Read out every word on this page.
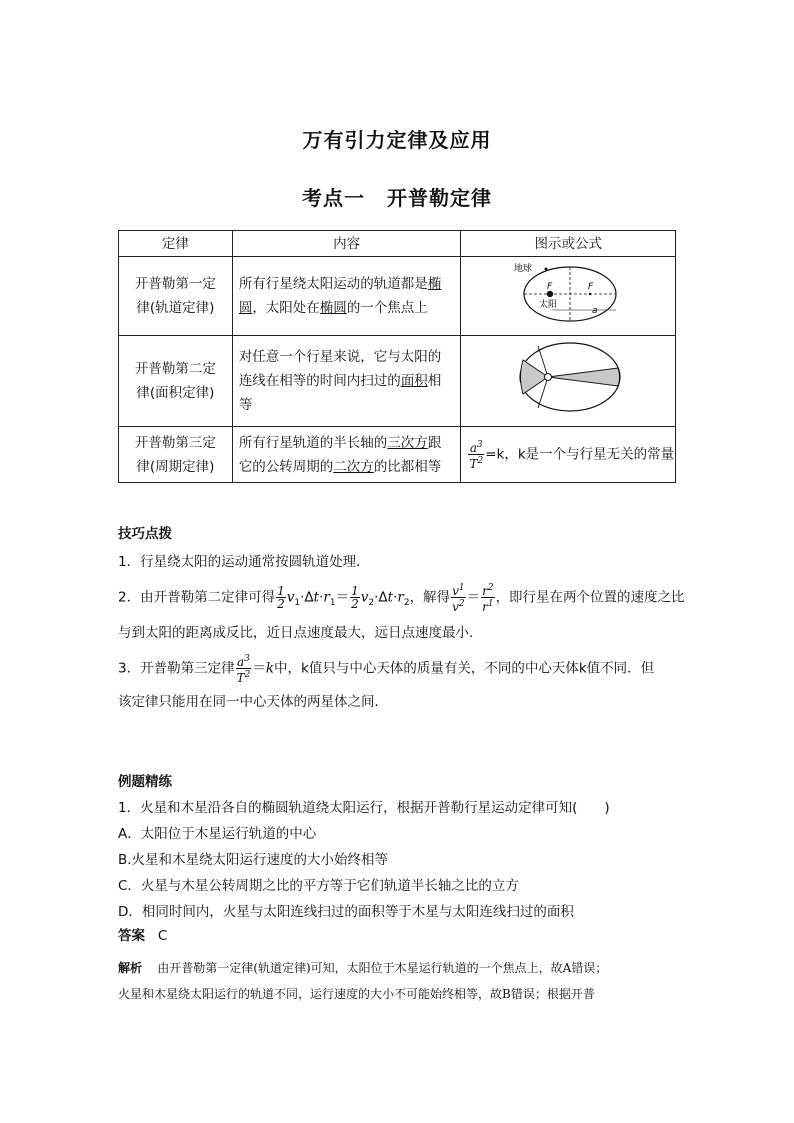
万有引力定律及应用
考点一 开普勒定律
定律	内容	图示或公式
开普勒第一定
律(轨道定律)	所有行星绕太阳运动的轨道都是椭圆，太阳处在椭圆的一个焦点上	地球
F F
太阳
a

开普勒第二定
律(面积定律)	对任意一个行星来说，它与太阳的连线在相等的时间内扫过的面积相等	
开普勒第三定
律(周期定律)	所有行星轨道的半长轴的三次方跟它的公转周期的二次方的比都相等	$\frac{a^3}{T^2} =k$，k是一个与行星无关的常量
技巧点拨
1．行星绕太阳的运动通常按圆轨道处理．
2．由开普勒第二定律可得 $\frac{1}{2} v_1\cdot\Delta t\cdot r_1= \frac{1}{2} v_2\cdot\Delta t\cdot r_2$，解得 $\frac{v^1}{v^2} = \frac{r^2}{r^1}$ ，即行星在两个位置的速度之比
与到太阳的距离成反比，近日点速度最大，远日点速度最小．
3．开普勒第三定律 $\frac{a^3}{T^2} =k$中，k值只与中心天体的质量有关，不同的中心天体k值不同．但
该定律只能用在同一中心天体的两星体之间．
例题精练
1．火星和木星沿各自的椭圆轨道绕太阳运行，根据开普勒行星运动定律可知(　　)
A．太阳位于木星运行轨道的中心
B.火星和木星绕太阳运行速度的大小始终相等
C．火星与木星公转周期之比的平方等于它们轨道半长轴之比的立方
D．相同时间内，火星与太阳连线扫过的面积等于木星与太阳连线扫过的面积
答案 C
解析 由开普勒第一定律(轨道定律)可知，太阳位于木星运行轨道的一个焦点上，故A错误；
火星和木星绕太阳运行的轨道不同，运行速度的大小不可能始终相等，故B错误；根据开普
